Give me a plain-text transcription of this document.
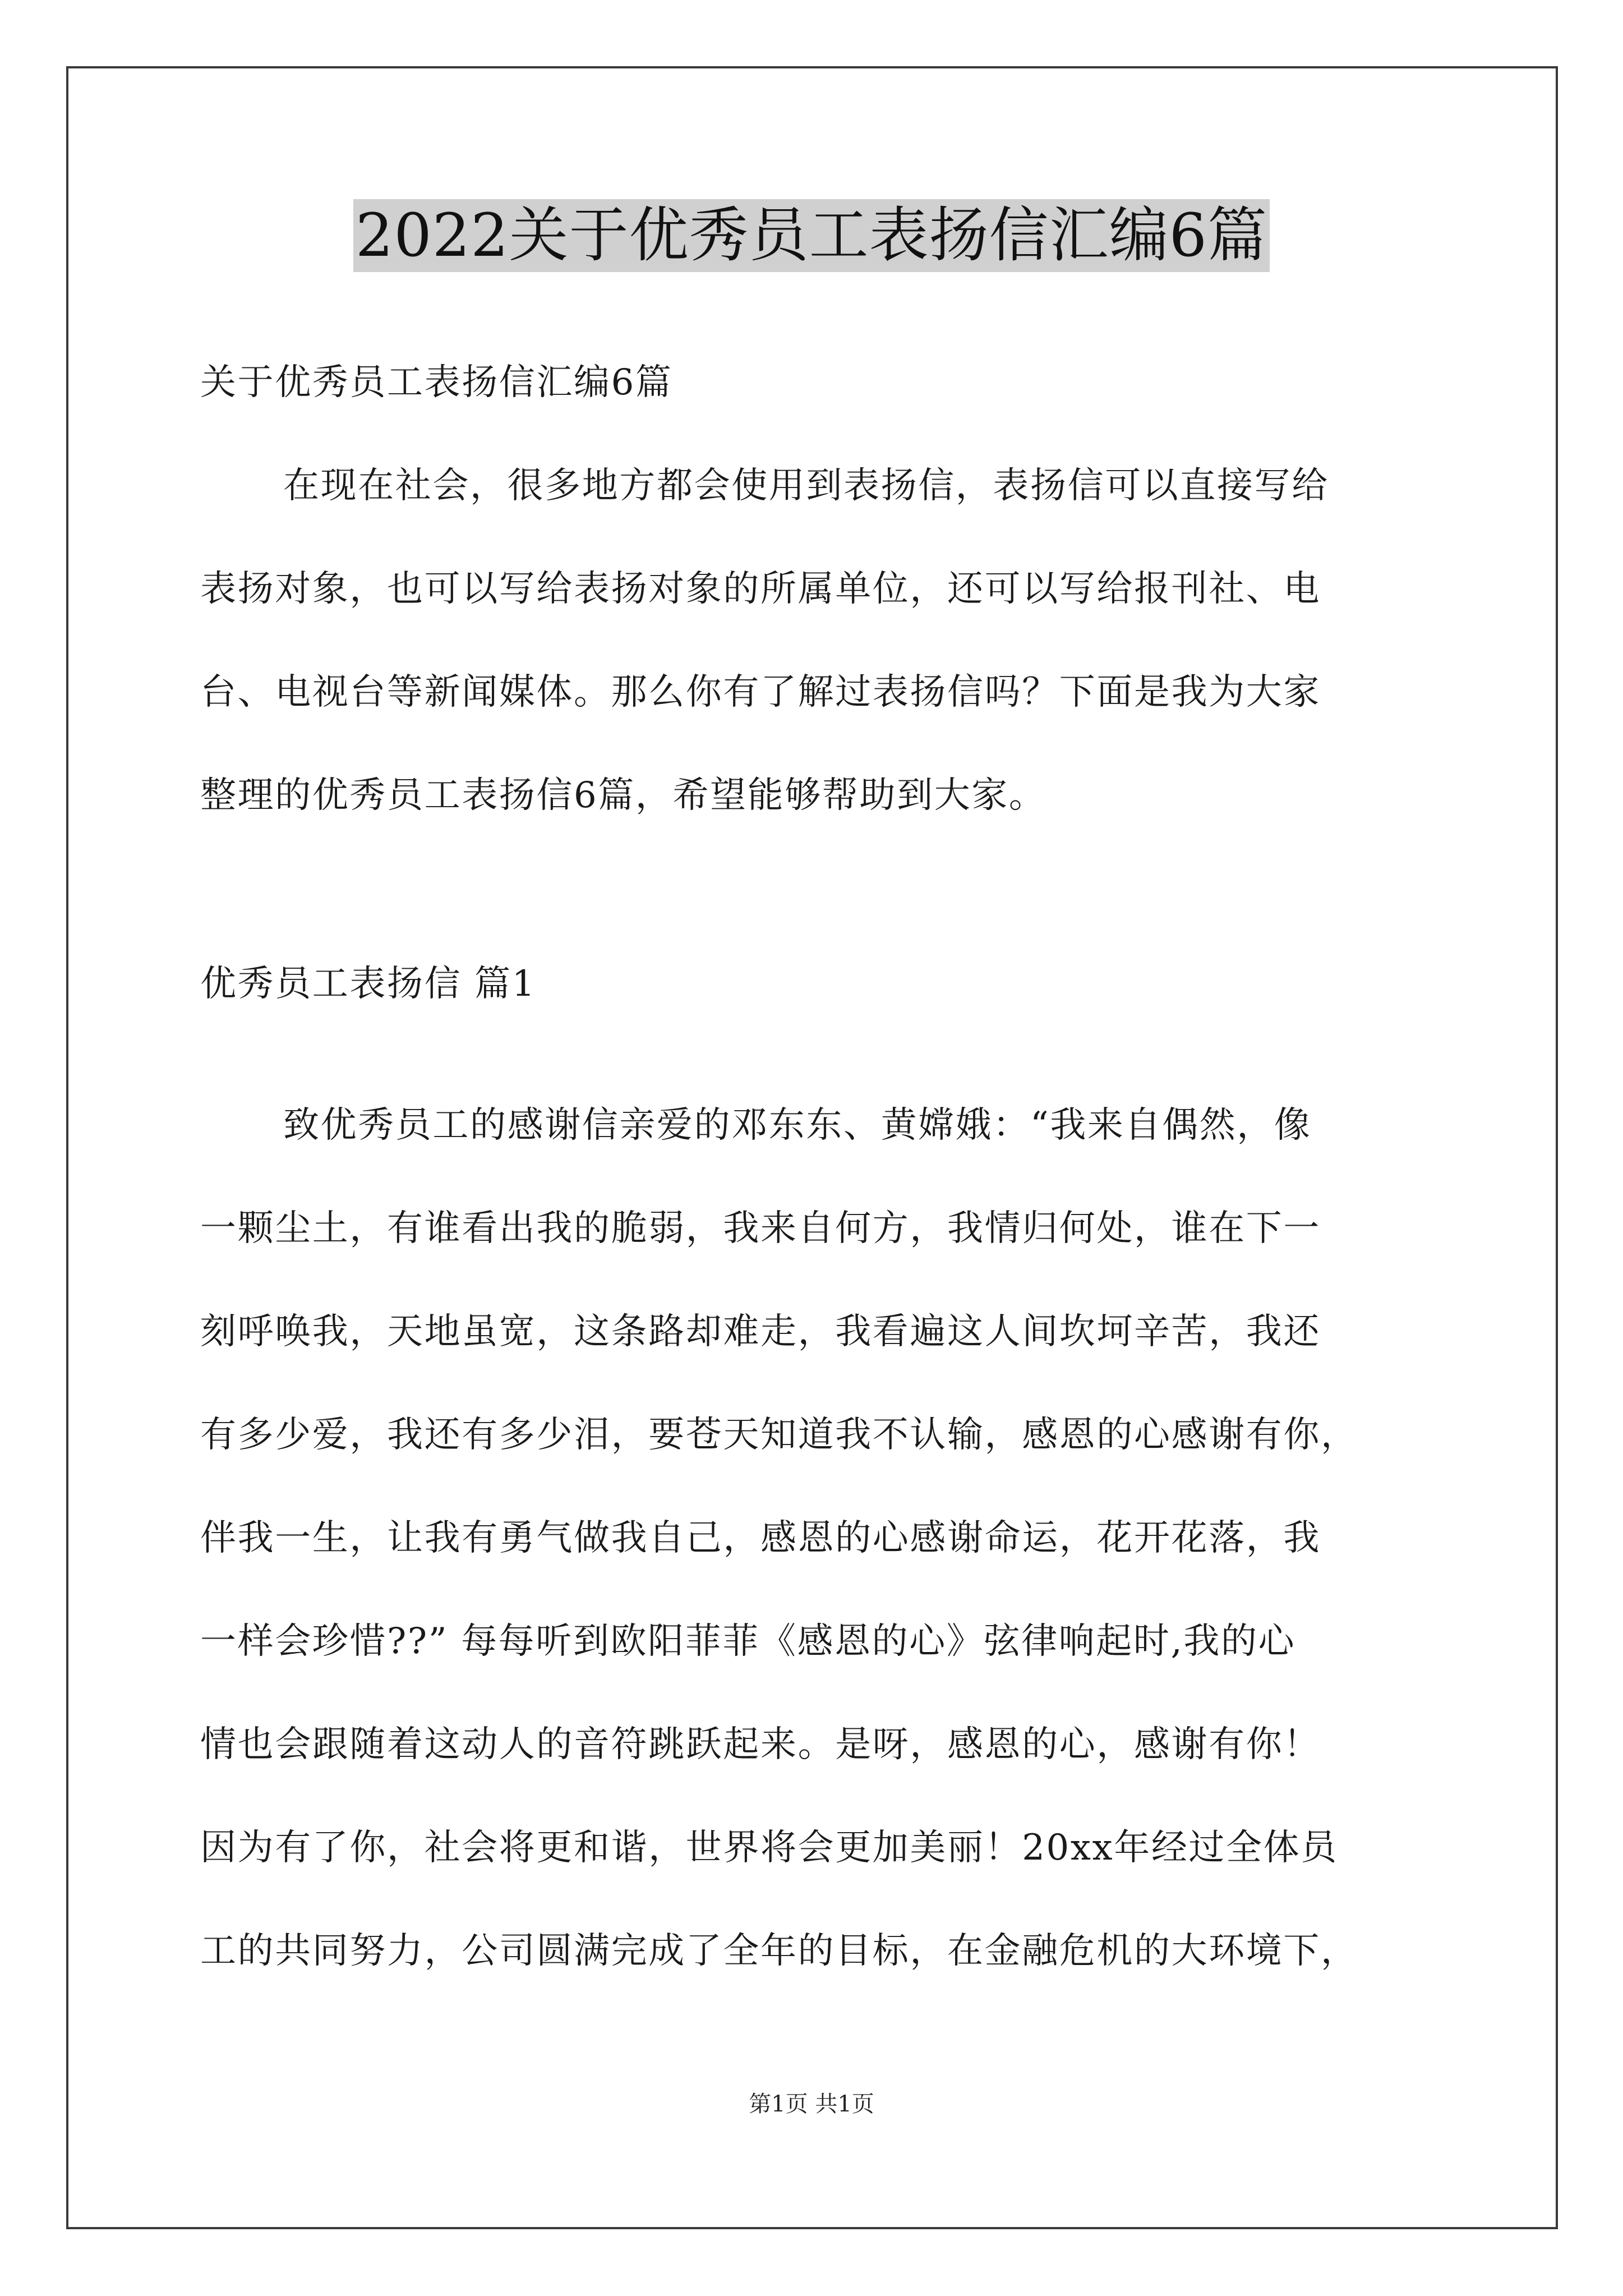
2022关于优秀员工表扬信汇编6篇
关于优秀员工表扬信汇编6篇
在现在社会，很多地方都会使用到表扬信，表扬信可以直接写给
表扬对象，也可以写给表扬对象的所属单位，还可以写给报刊社、电
台、电视台等新闻媒体。那么你有了解过表扬信吗？下面是我为大家
整理的优秀员工表扬信6篇，希望能够帮助到大家。
优秀员工表扬信 篇1
致优秀员工的感谢信亲爱的邓东东、黄嫦娥：“我来自偶然，像
一颗尘土，有谁看出我的脆弱，我来自何方，我情归何处，谁在下一
刻呼唤我，天地虽宽，这条路却难走，我看遍这人间坎坷辛苦，我还
有多少爱，我还有多少泪，要苍天知道我不认输，感恩的心感谢有你，
伴我一生，让我有勇气做我自己，感恩的心感谢命运，花开花落，我
一样会珍惜??” 每每听到欧阳菲菲《感恩的心》弦律响起时,我的心
情也会跟随着这动人的音符跳跃起来。是呀，感恩的心，感谢有你！
因为有了你，社会将更和谐，世界将会更加美丽！20xx年经过全体员
工的共同努力，公司圆满完成了全年的目标，在金融危机的大环境下，
第1页 共1页
